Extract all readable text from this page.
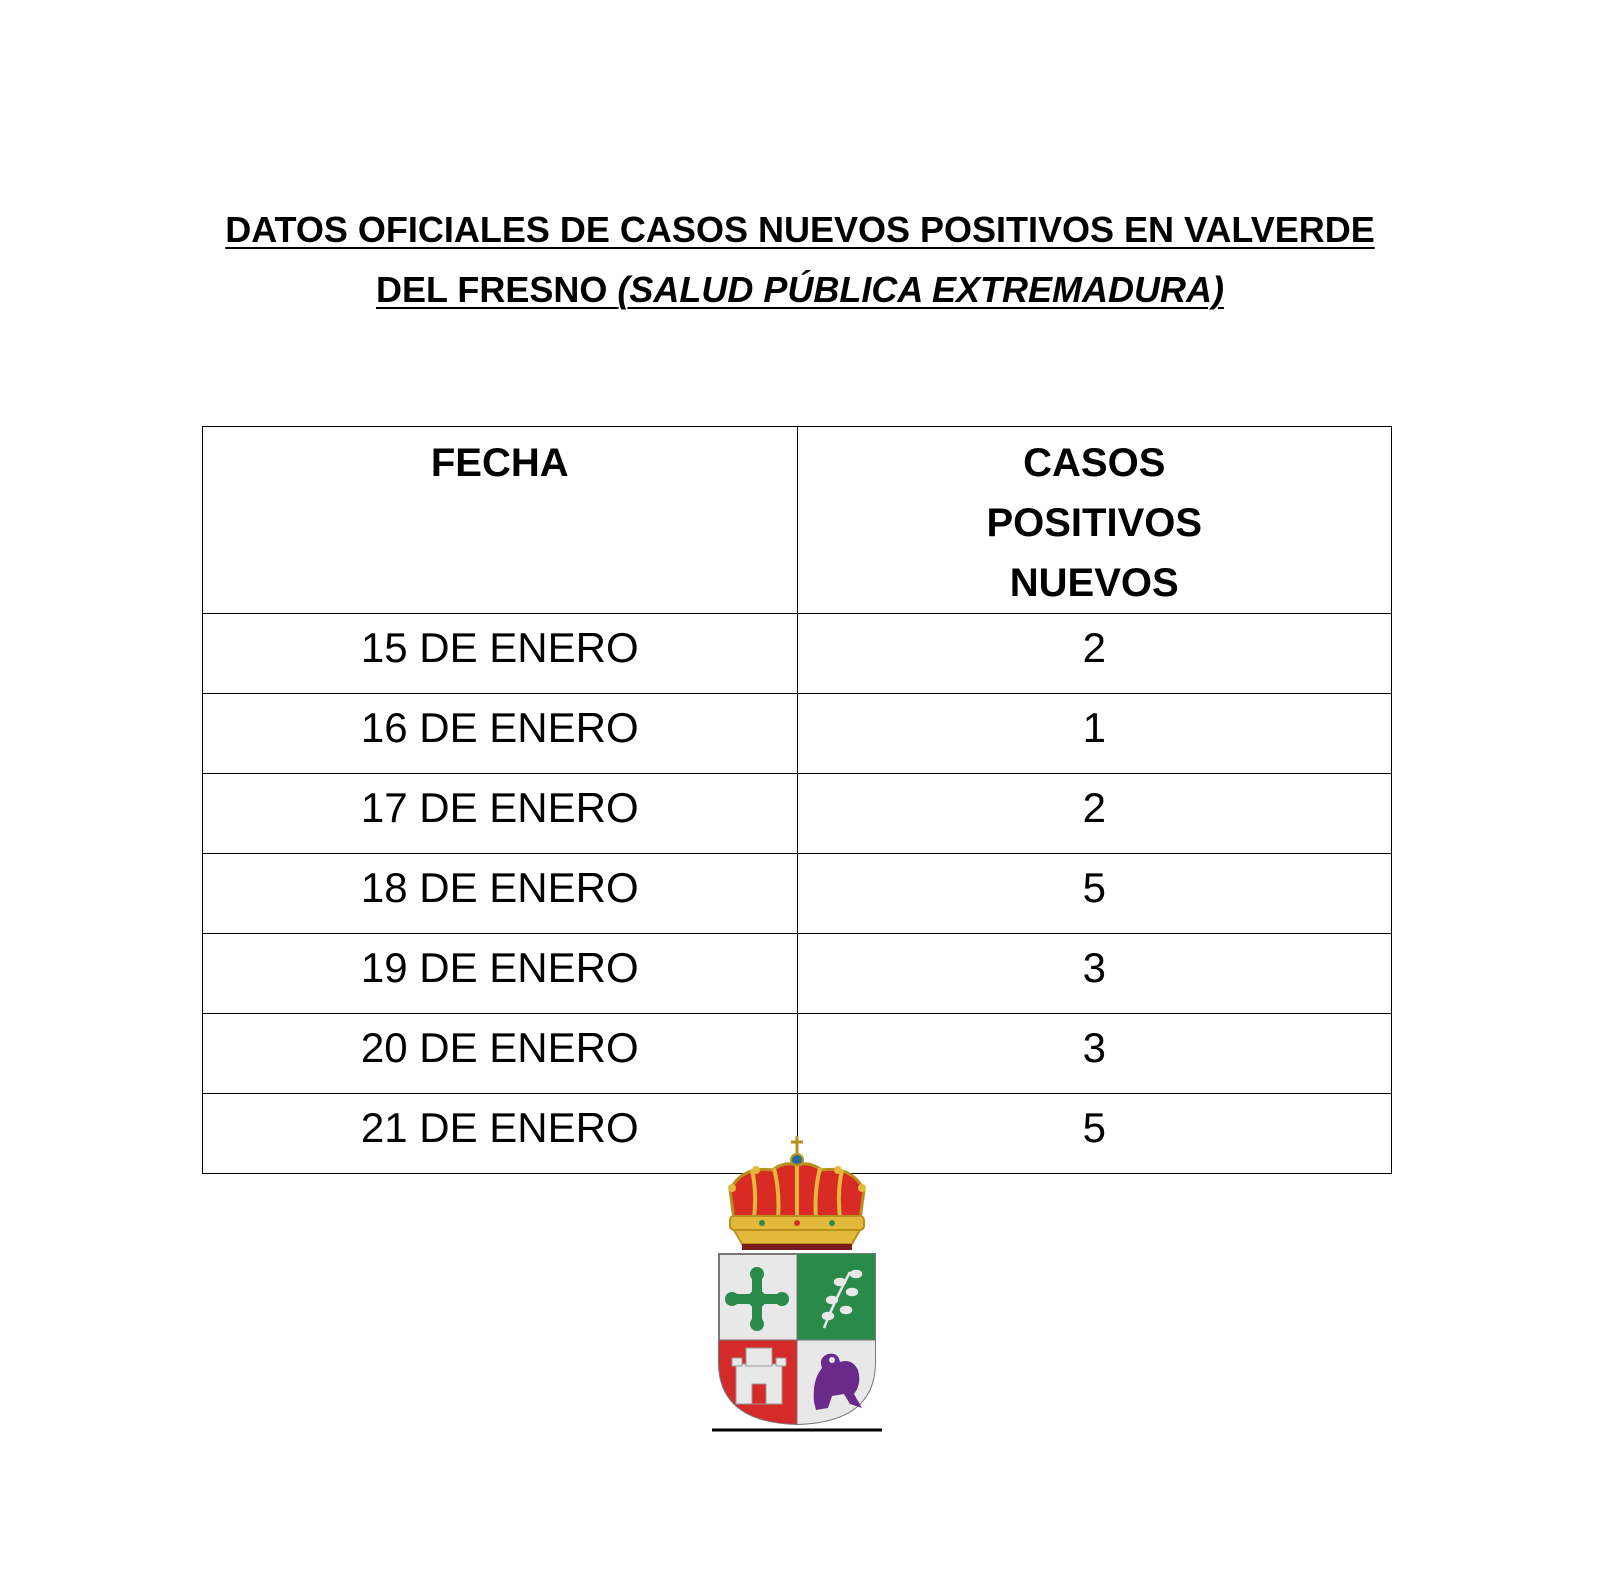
DATOS OFICIALES DE CASOS NUEVOS POSITIVOS EN VALVERDE
DEL FRESNO (SALUD PÚBLICA EXTREMADURA)
FECHA	CASOS POSITIVOS NUEVOS
15 DE ENERO	2
16 DE ENERO	1
17 DE ENERO	2
18 DE ENERO	5
19 DE ENERO	3
20 DE ENERO	3
21 DE ENERO	5
